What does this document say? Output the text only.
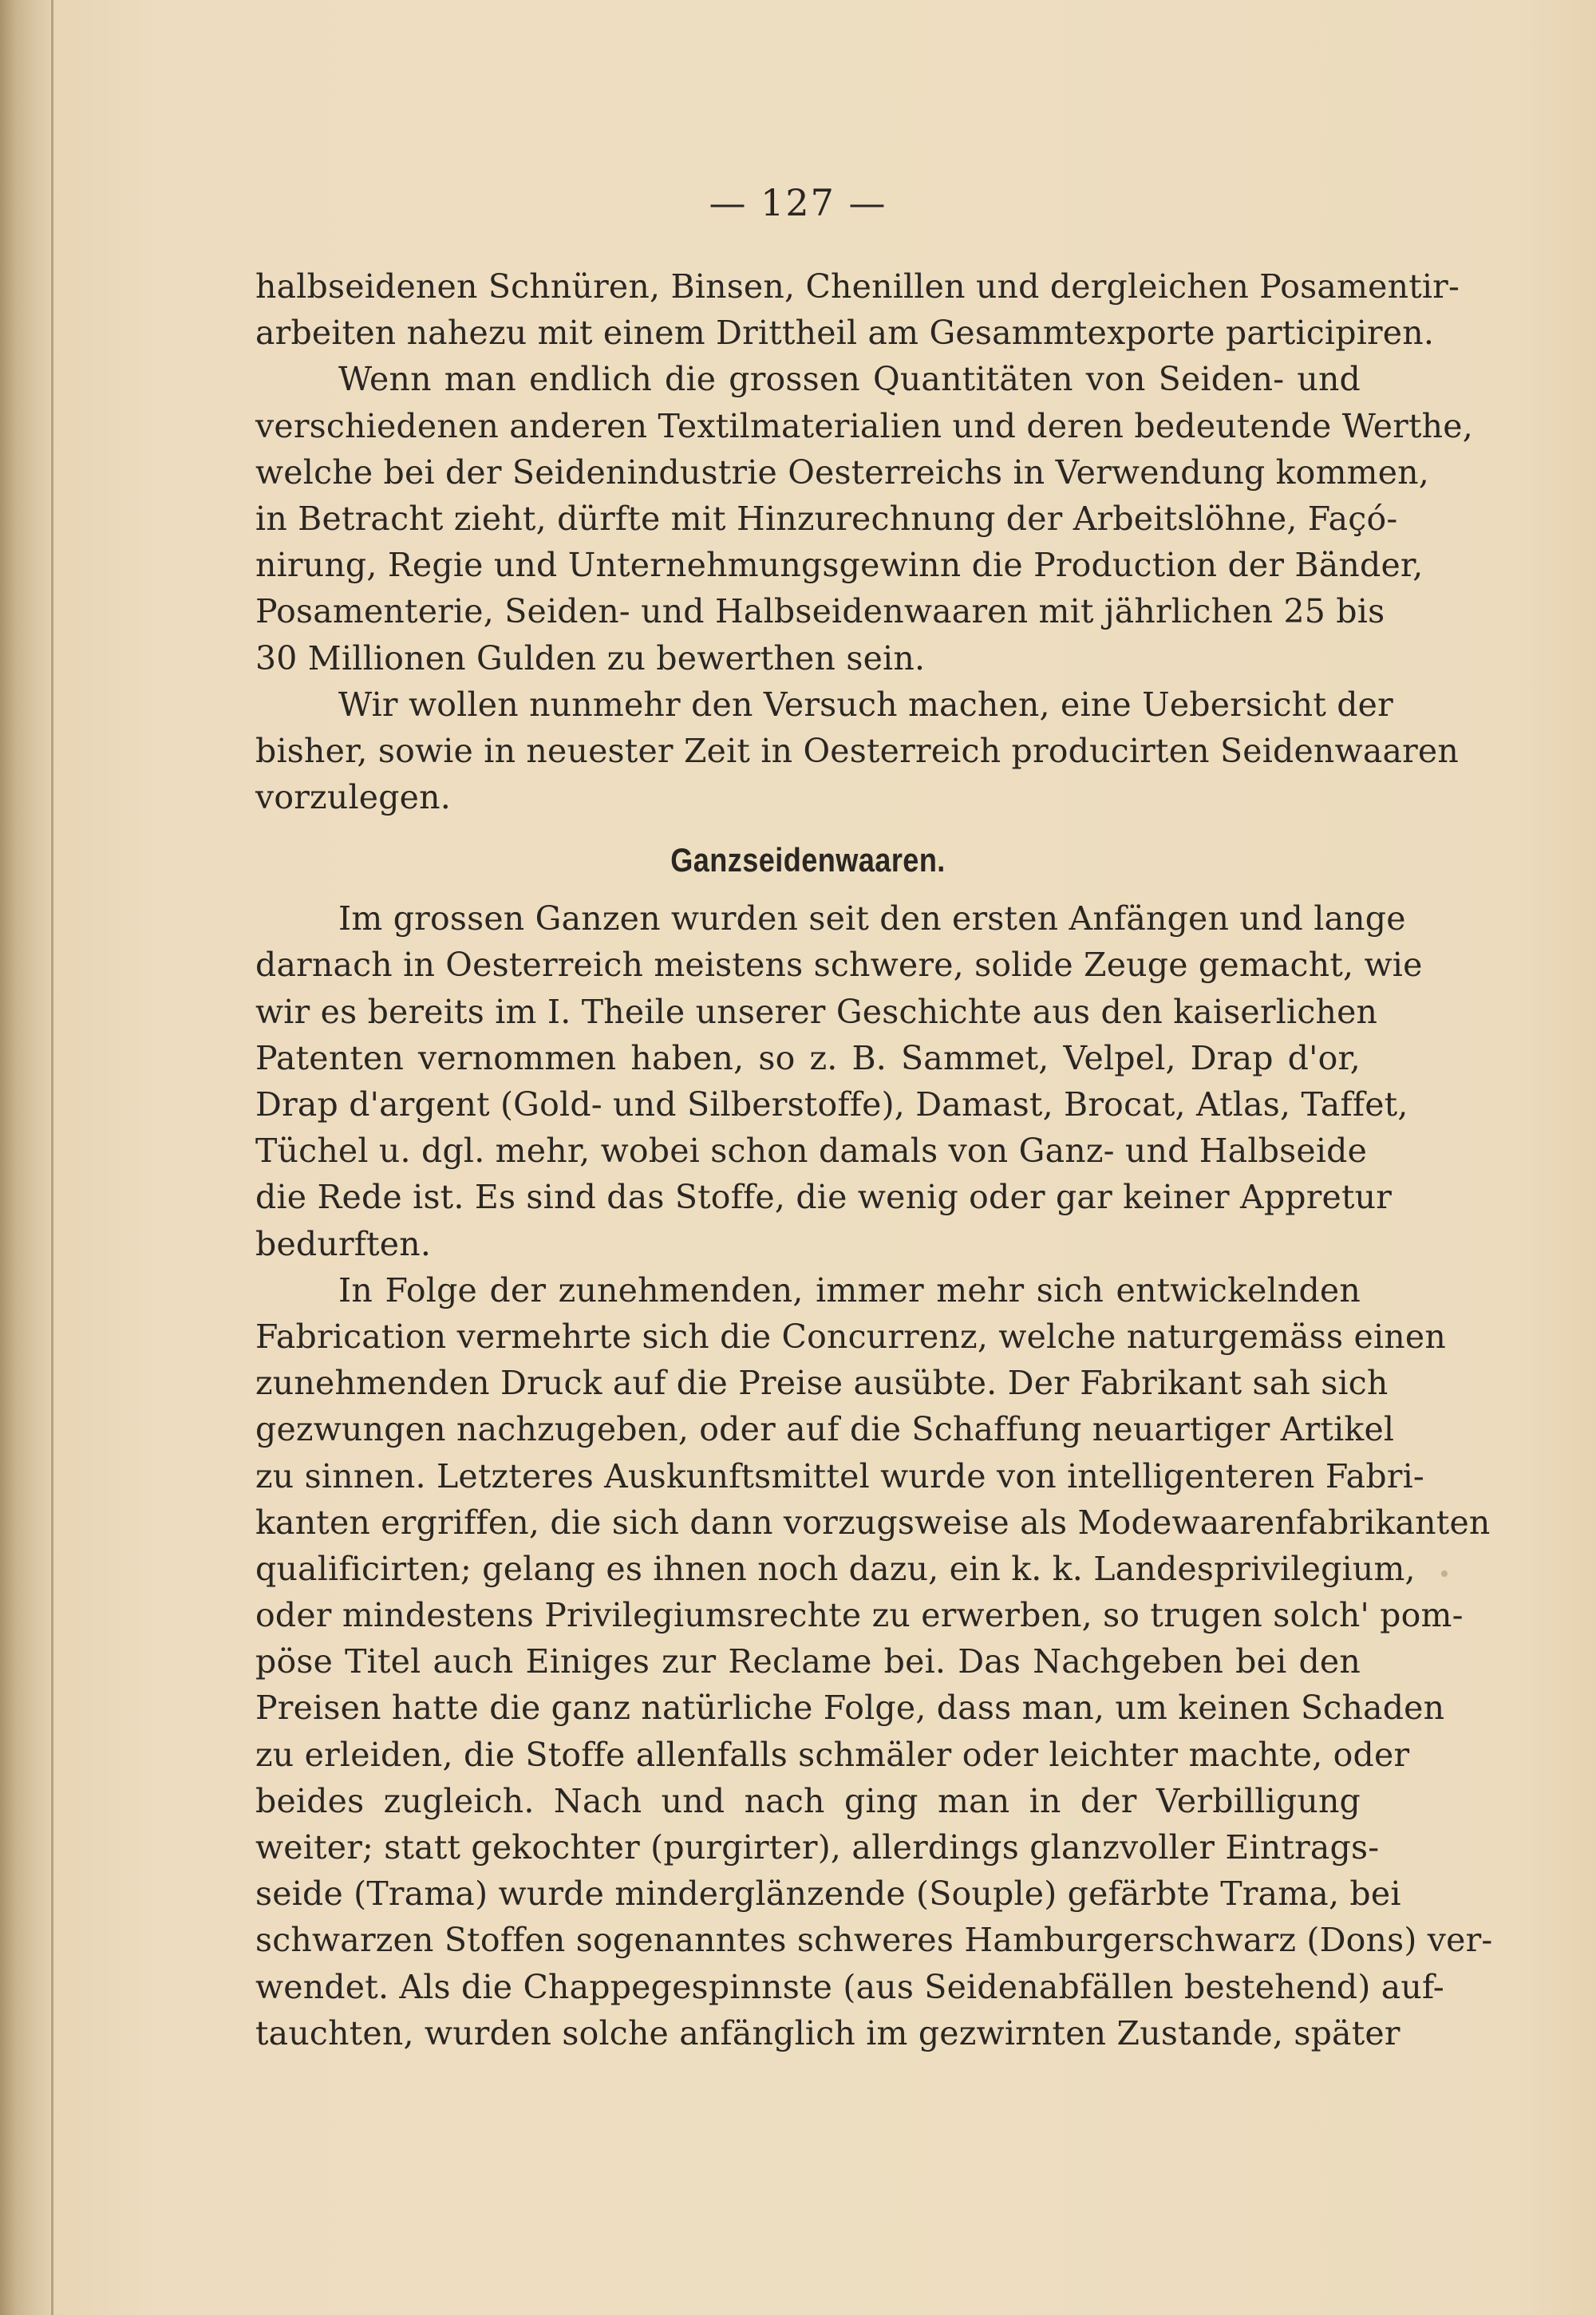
— 127 —
halbseidenen Schnüren, Binsen, Chenillen und dergleichen Posamentir-
arbeiten nahezu mit einem Drittheil am Gesammtexporte participiren.
Wenn man endlich die grossen Quantitäten von Seiden- und
verschiedenen anderen Textilmaterialien und deren bedeutende Werthe,
welche bei der Seidenindustrie Oesterreichs in Verwendung kommen,
in Betracht zieht, dürfte mit Hinzurechnung der Arbeitslöhne, Façó-
nirung, Regie und Unternehmungsgewinn die Production der Bänder,
Posamenterie, Seiden- und Halbseidenwaaren mit jährlichen 25 bis
30 Millionen Gulden zu bewerthen sein.
Wir wollen nunmehr den Versuch machen, eine Uebersicht der
bisher, sowie in neuester Zeit in Oesterreich producirten Seidenwaaren
vorzulegen.
Ganzseidenwaaren.
Im grossen Ganzen wurden seit den ersten Anfängen und lange
darnach in Oesterreich meistens schwere, solide Zeuge gemacht, wie
wir es bereits im I. Theile unserer Geschichte aus den kaiserlichen
Patenten vernommen haben, so z. B. Sammet, Velpel, Drap d'or,
Drap d'argent (Gold- und Silberstoffe), Damast, Brocat, Atlas, Taffet,
Tüchel u. dgl. mehr, wobei schon damals von Ganz- und Halbseide
die Rede ist. Es sind das Stoffe, die wenig oder gar keiner Appretur
bedurften.
In Folge der zunehmenden, immer mehr sich entwickelnden
Fabrication vermehrte sich die Concurrenz, welche naturgemäss einen
zunehmenden Druck auf die Preise ausübte. Der Fabrikant sah sich
gezwungen nachzugeben, oder auf die Schaffung neuartiger Artikel
zu sinnen. Letzteres Auskunftsmittel wurde von intelligenteren Fabri-
kanten ergriffen, die sich dann vorzugsweise als Modewaarenfabrikanten
qualificirten; gelang es ihnen noch dazu, ein k. k. Landesprivilegium,
oder mindestens Privilegiumsrechte zu erwerben, so trugen solch' pom-
pöse Titel auch Einiges zur Reclame bei. Das Nachgeben bei den
Preisen hatte die ganz natürliche Folge, dass man, um keinen Schaden
zu erleiden, die Stoffe allenfalls schmäler oder leichter machte, oder
beides zugleich. Nach und nach ging man in der Verbilligung
weiter; statt gekochter (purgirter), allerdings glanzvoller Eintrags-
seide (Trama) wurde minderglänzende (Souple) gefärbte Trama, bei
schwarzen Stoffen sogenanntes schweres Hamburgerschwarz (Dons) ver-
wendet. Als die Chappegespinnste (aus Seidenabfällen bestehend) auf-
tauchten, wurden solche anfänglich im gezwirnten Zustande, später
